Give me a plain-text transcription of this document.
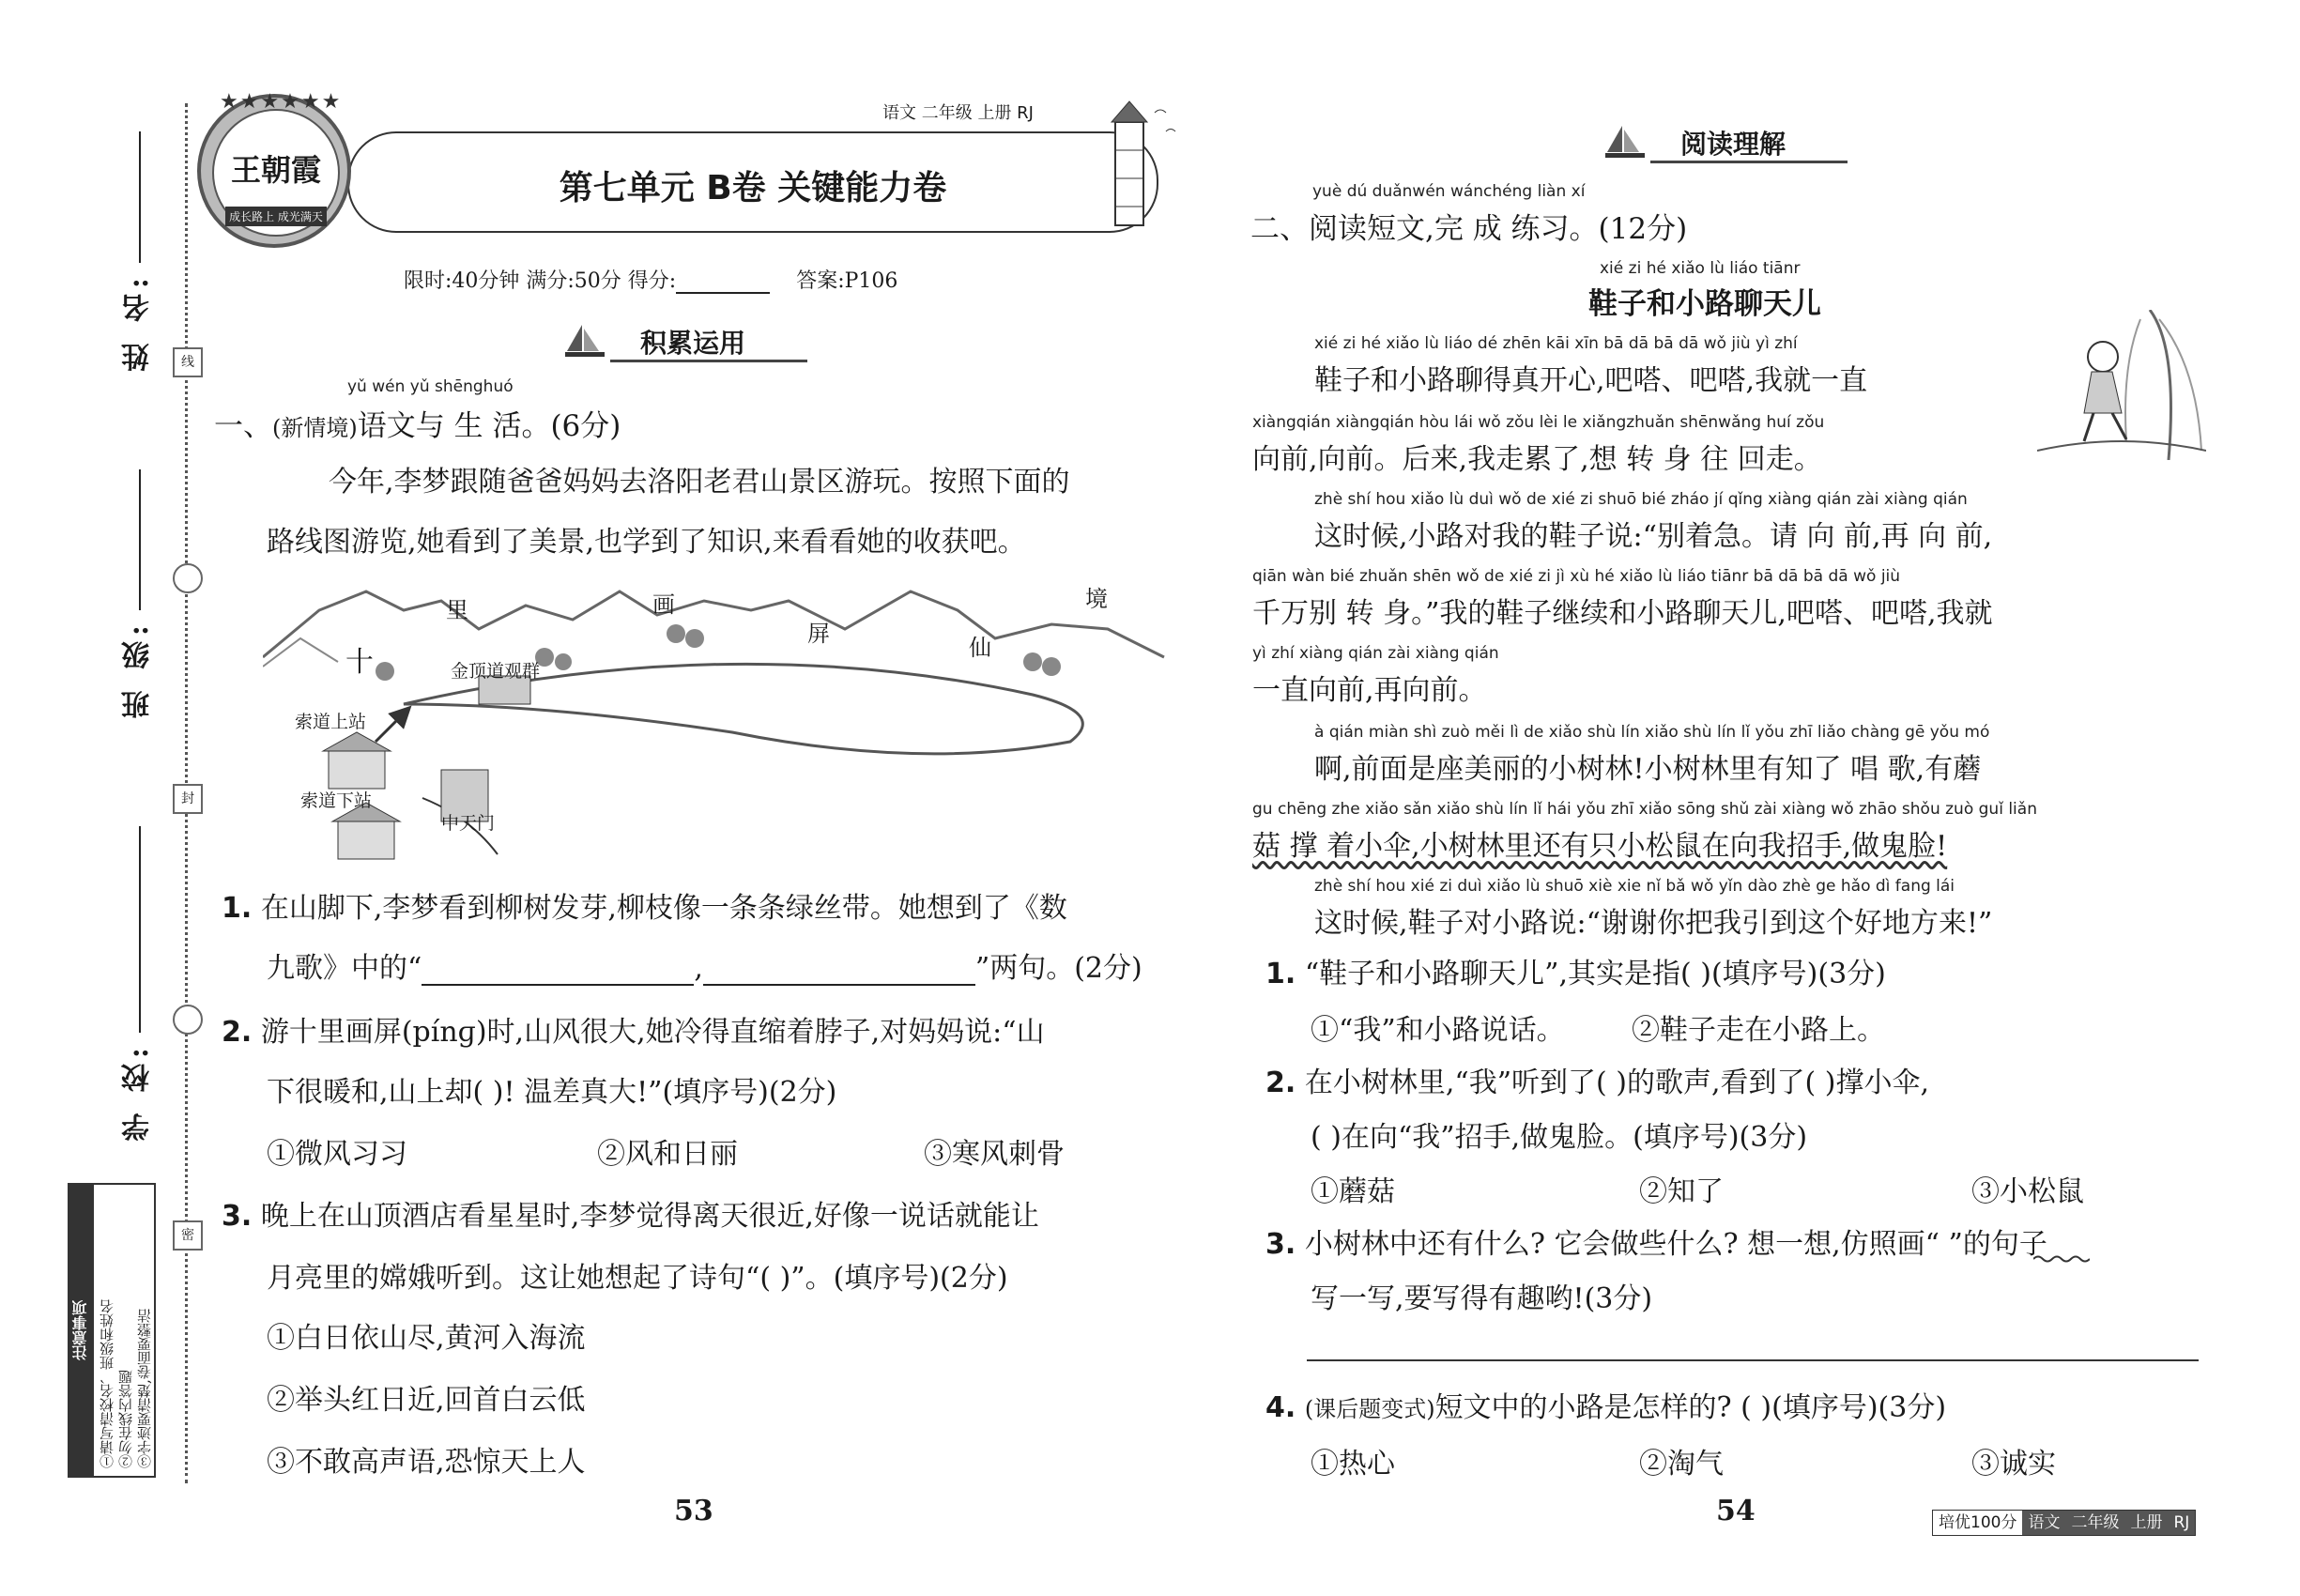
姓 名:
班 级:
学 校:
线
封
密
注意事项 ①请写清校名、班级和姓名 ②勿在线内答题 ③字迹要清楚,卷面要整洁
语文 二年级 上册 RJ
第七单元 B卷 关键能力卷
王朝霞
成长路上 成光满天
★★★★★★
限时:40分钟 满分:50分 得分:	答案:P106
积累运用
yǔ wén yǔ shēnghuó
一、(新情境)语文与 生 活。(6分)
今年,李梦跟随爸爸妈妈去洛阳老君山景区游玩。按照下面的
路线图游览,她看到了美景,也学到了知识,来看看她的收获吧。
里	画
屏
仙
境
十	金顶道观群
索道上站
索道下站
中天门
1. 在山脚下,李梦看到柳树发芽,柳枝像一条条绿丝带。她想到了《数
九歌》中的“	,	”两句。(2分)
2. 游十里画屏(pínɡ)时,山风很大,她冷得直缩着脖子,对妈妈说:“山
下很暖和,山上却( )! 温差真大!”(填序号)(2分)
①微风习习	②风和日丽	③寒风刺骨
3. 晚上在山顶酒店看星星时,李梦觉得离天很近,好像一说话就能让
月亮里的嫦娥听到。这让她想起了诗句“( )”。(填序号)(2分)
①白日依山尽,黄河入海流
②举头红日近,回首白云低
③不敢高声语,恐惊天上人
53
阅读理解
yuè dú duǎnwén wánchéng liàn xí
二、阅读短文,完 成 练习。(12分)
xié zi hé xiǎo lù liáo tiānr
鞋子和小路聊天儿
xié zi hé xiǎo lù liáo dé zhēn kāi xīn bā dā bā dā wǒ jiù yì zhí
鞋子和小路聊得真开心,吧嗒、吧嗒,我就一直
xiàngqián xiàngqián hòu lái wǒ zǒu lèi le xiǎngzhuǎn shēnwǎng huí zǒu
向前,向前。后来,我走累了,想 转 身 往 回走。
zhè shí hou xiǎo lù duì wǒ de xié zi shuō bié zháo jí qǐng xiàng qián zài xiàng qián
这时候,小路对我的鞋子说:“别着急。请 向 前,再 向 前,
qiān wàn bié zhuǎn shēn wǒ de xié zi jì xù hé xiǎo lù liáo tiānr bā dā bā dā wǒ jiù
千万别 转 身。”我的鞋子继续和小路聊天儿,吧嗒、吧嗒,我就
yì zhí xiàng qián zài xiàng qián
一直向前,再向前。
à qián miàn shì zuò měi lì de xiǎo shù lín xiǎo shù lín lǐ yǒu zhī liǎo chàng gē yǒu mó
啊,前面是座美丽的小树林!小树林里有知了 唱 歌,有蘑
gu chēng zhe xiǎo sǎn xiǎo shù lín lǐ hái yǒu zhī xiǎo sōng shǔ zài xiàng wǒ zhāo shǒu zuò guǐ liǎn
菇 撑 着小伞,小树林里还有只小松鼠在向我招手,做鬼脸!
zhè shí hou xié zi duì xiǎo lù shuō xiè xie nǐ bǎ wǒ yǐn dào zhè ge hǎo dì fang lái
这时候,鞋子对小路说:“谢谢你把我引到这个好地方来!”
1. “鞋子和小路聊天儿”,其实是指( )(填序号)(3分)
①“我”和小路说话。 ②鞋子走在小路上。
2. 在小树林里,“我”听到了( )的歌声,看到了( )撑小伞,
( )在向“我”招手,做鬼脸。(填序号)(3分)
①蘑菇	②知了	③小松鼠
3. 小树林中还有什么? 它会做些什么? 想一想,仿照画“ ”的句子
写一写,要写得有趣哟!(3分)
4. (课后题变式)短文中的小路是怎样的? ( )(填序号)(3分)
①热心	②淘气	③诚实
54	培优100分 语文 二年级 上册 RJ
